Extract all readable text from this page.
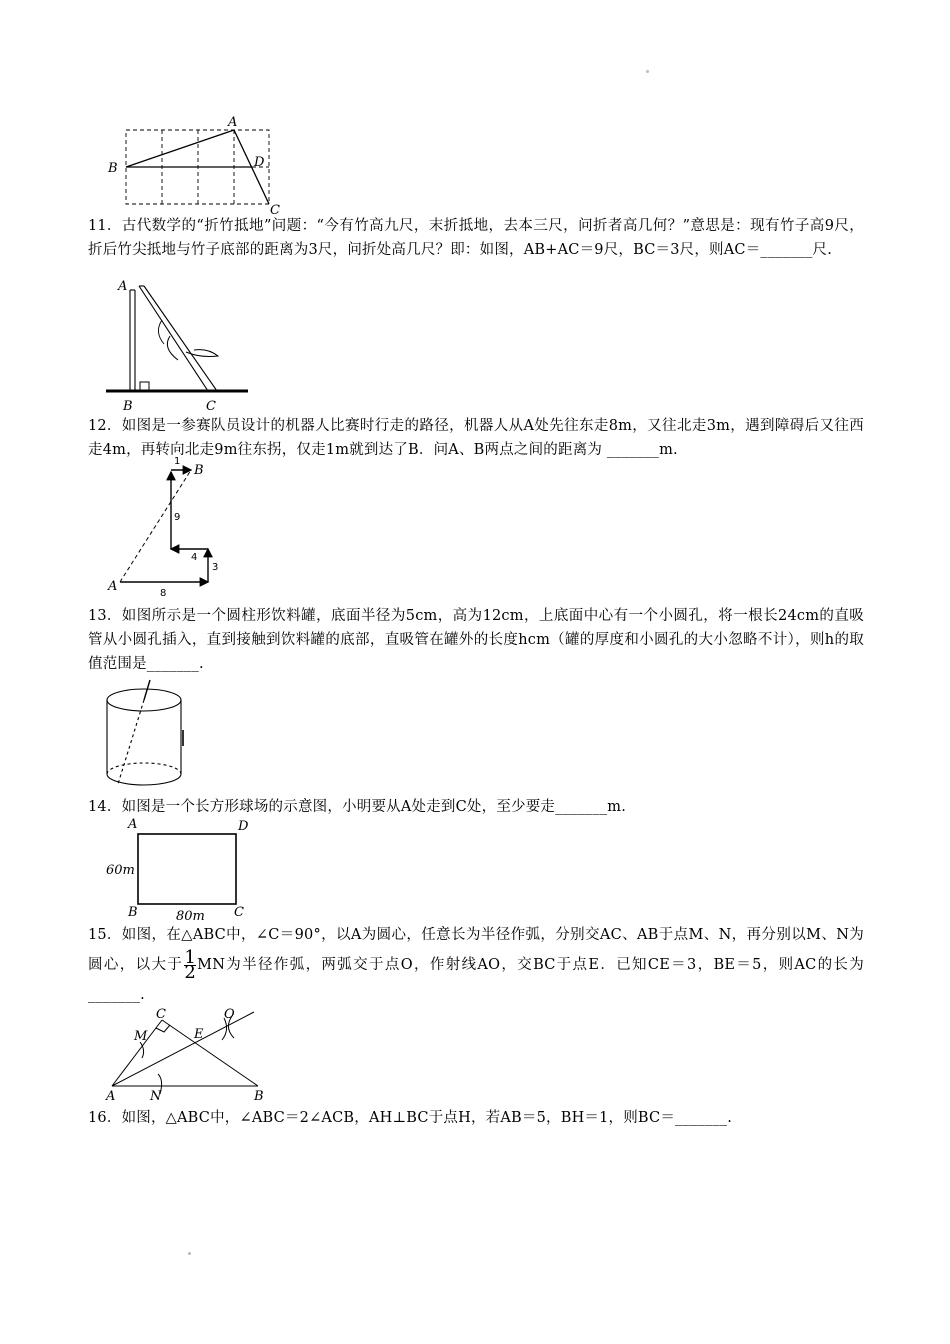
A
B	D
C

11．古代数学的“折竹抵地”问题：“今有竹高九尺，末折抵地，去本三尺，问折者高几何？”意思是：现有竹子高9尺，折后竹尖抵地与竹子底部的距离为3尺，问折处高几尺？即：如图，AB+AC＝9尺，BC＝3尺，则AC＝_______尺.

A
B	C

12．如图是一参赛队员设计的机器人比赛时行走的路径，机器人从A处先往东走8m，又往北走3m，遇到障碍后又往西走4m，再转向北走9m往东拐，仅走1m就到达了B．问A、B两点之间的距离为 _______m.

A
B
1
9
4
3
8

13．如图所示是一个圆柱形饮料罐，底面半径为5cm，高为12cm，上底面中心有一个小圆孔，将一根长24cm的直吸管从小圆孔插入，直到接触到饮料罐的底部，直吸管在罐外的长度hcm（罐的厚度和小圆孔的大小忽略不计），则h的取值范围是_______.

14．如图是一个长方形球场的示意图，小明要从A处走到C处，至少要走_______m.

A	D
B	C
60m
80m

15．如图，在△ABC中，∠C＝90°，以A为圆心，任意长为半径作弧，分别交AC、AB于点M、N，再分别以M、N为圆心，以大于 $\frac{1}{2}$ MN为半径作弧，两弧交于点O，作射线AO，交BC于点E．已知CE＝3，BE＝5，则AC的长为_______.

A	B
C
M
N
E
O

16．如图，△ABC中，∠ABC＝2∠ACB，AH⊥BC于点H，若AB＝5，BH＝1，则BC＝_______.
